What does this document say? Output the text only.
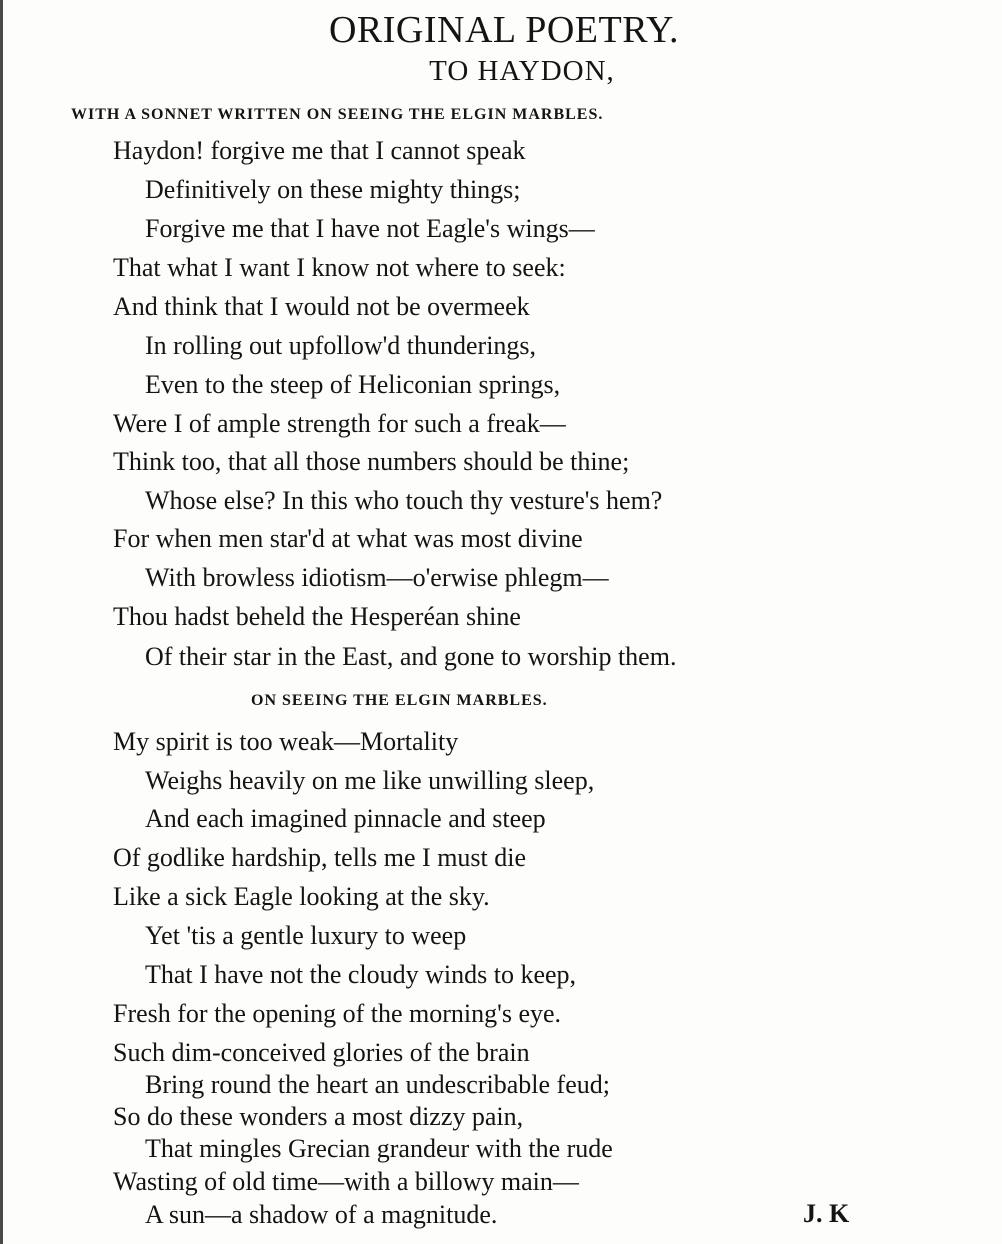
ORIGINAL POETRY.
TO HAYDON,
WITH A SONNET WRITTEN ON SEEING THE ELGIN MARBLES.
Haydon! forgive me that I cannot speak
Definitively on these mighty things;
Forgive me that I have not Eagle's wings—
That what I want I know not where to seek:
And think that I would not be overmeek
In rolling out upfollow'd thunderings,
Even to the steep of Heliconian springs,
Were I of ample strength for such a freak—
Think too, that all those numbers should be thine;
Whose else? In this who touch thy vesture's hem?
For when men star'd at what was most divine
With browless idiotism—o'erwise phlegm—
Thou hadst beheld the Hesperéan shine
Of their star in the East, and gone to worship them.
ON SEEING THE ELGIN MARBLES.
My spirit is too weak—Mortality
Weighs heavily on me like unwilling sleep,
And each imagined pinnacle and steep
Of godlike hardship, tells me I must die
Like a sick Eagle looking at the sky.
Yet 'tis a gentle luxury to weep
That I have not the cloudy winds to keep,
Fresh for the opening of the morning's eye.
Such dim-conceived glories of the brain
Bring round the heart an undescribable feud;
So do these wonders a most dizzy pain,
That mingles Grecian grandeur with the rude
Wasting of old time—with a billowy main—
A sun—a shadow of a magnitude.	J. K
